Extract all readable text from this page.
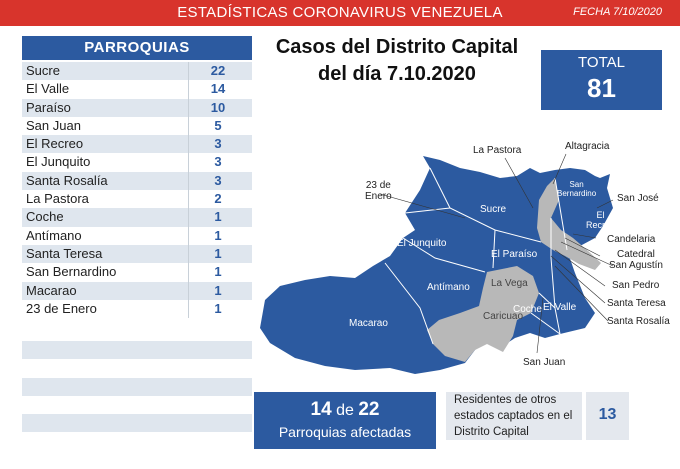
ESTADÍSTICAS CORONAVIRUS VENEZUELA	FECHA 7/10/2020
PARROQUIAS
Sucre	22
El Valle	14
Paraíso	10
San Juan	5
El Recreo	3
El Junquito	3
Santa Rosalía	3
La Pastora	2
Coche	1
Antímano	1
Santa Teresa	1
San Bernardino	1
Macarao	1
23 de Enero	1
Casos del Distrito Capital
del día 7.10.2020
TOTAL
81
La Pastora	Altagracia
23 de
Enero
Sucre
San
Bernardino San José
El
Recreo
El Junquito	Candelaria
Catedral
San Agustín
El Paraíso
La Vega
Antímano	San Pedro
Caricuao
El Valle	Santa Teresa
Coche
Santa Rosalía
Macarao
San Juan
14 de 22
Parroquias afectadas
Residentes de otros
estados captados en el
Distrito Capital
13
